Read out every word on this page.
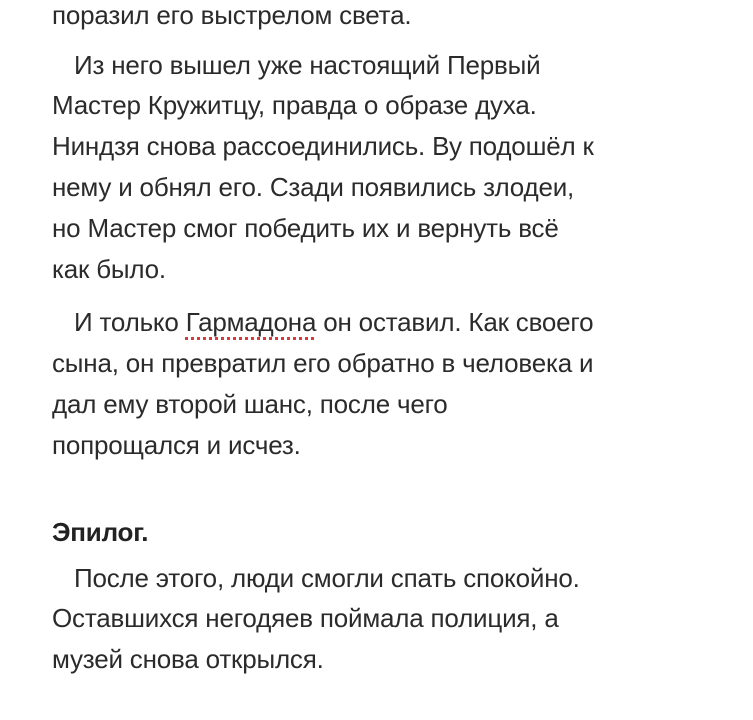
поразил его выстрелом света.
Из него вышел уже настоящий Первый
Мастер Кружитцу, правда о образе духа.
Ниндзя снова рассоединились. Ву подошёл к
нему и обнял его. Сзади появились злодеи,
но Мастер смог победить их и вернуть всё
как было.
И только Гармадона он оставил. Как своего
сына, он превратил его обратно в человека и
дал ему второй шанс, после чего
попрощался и исчез.
Эпилог.
После этого, люди смогли спать спокойно.
Оставшихся негодяев поймала полиция, а
музей снова открылся.
